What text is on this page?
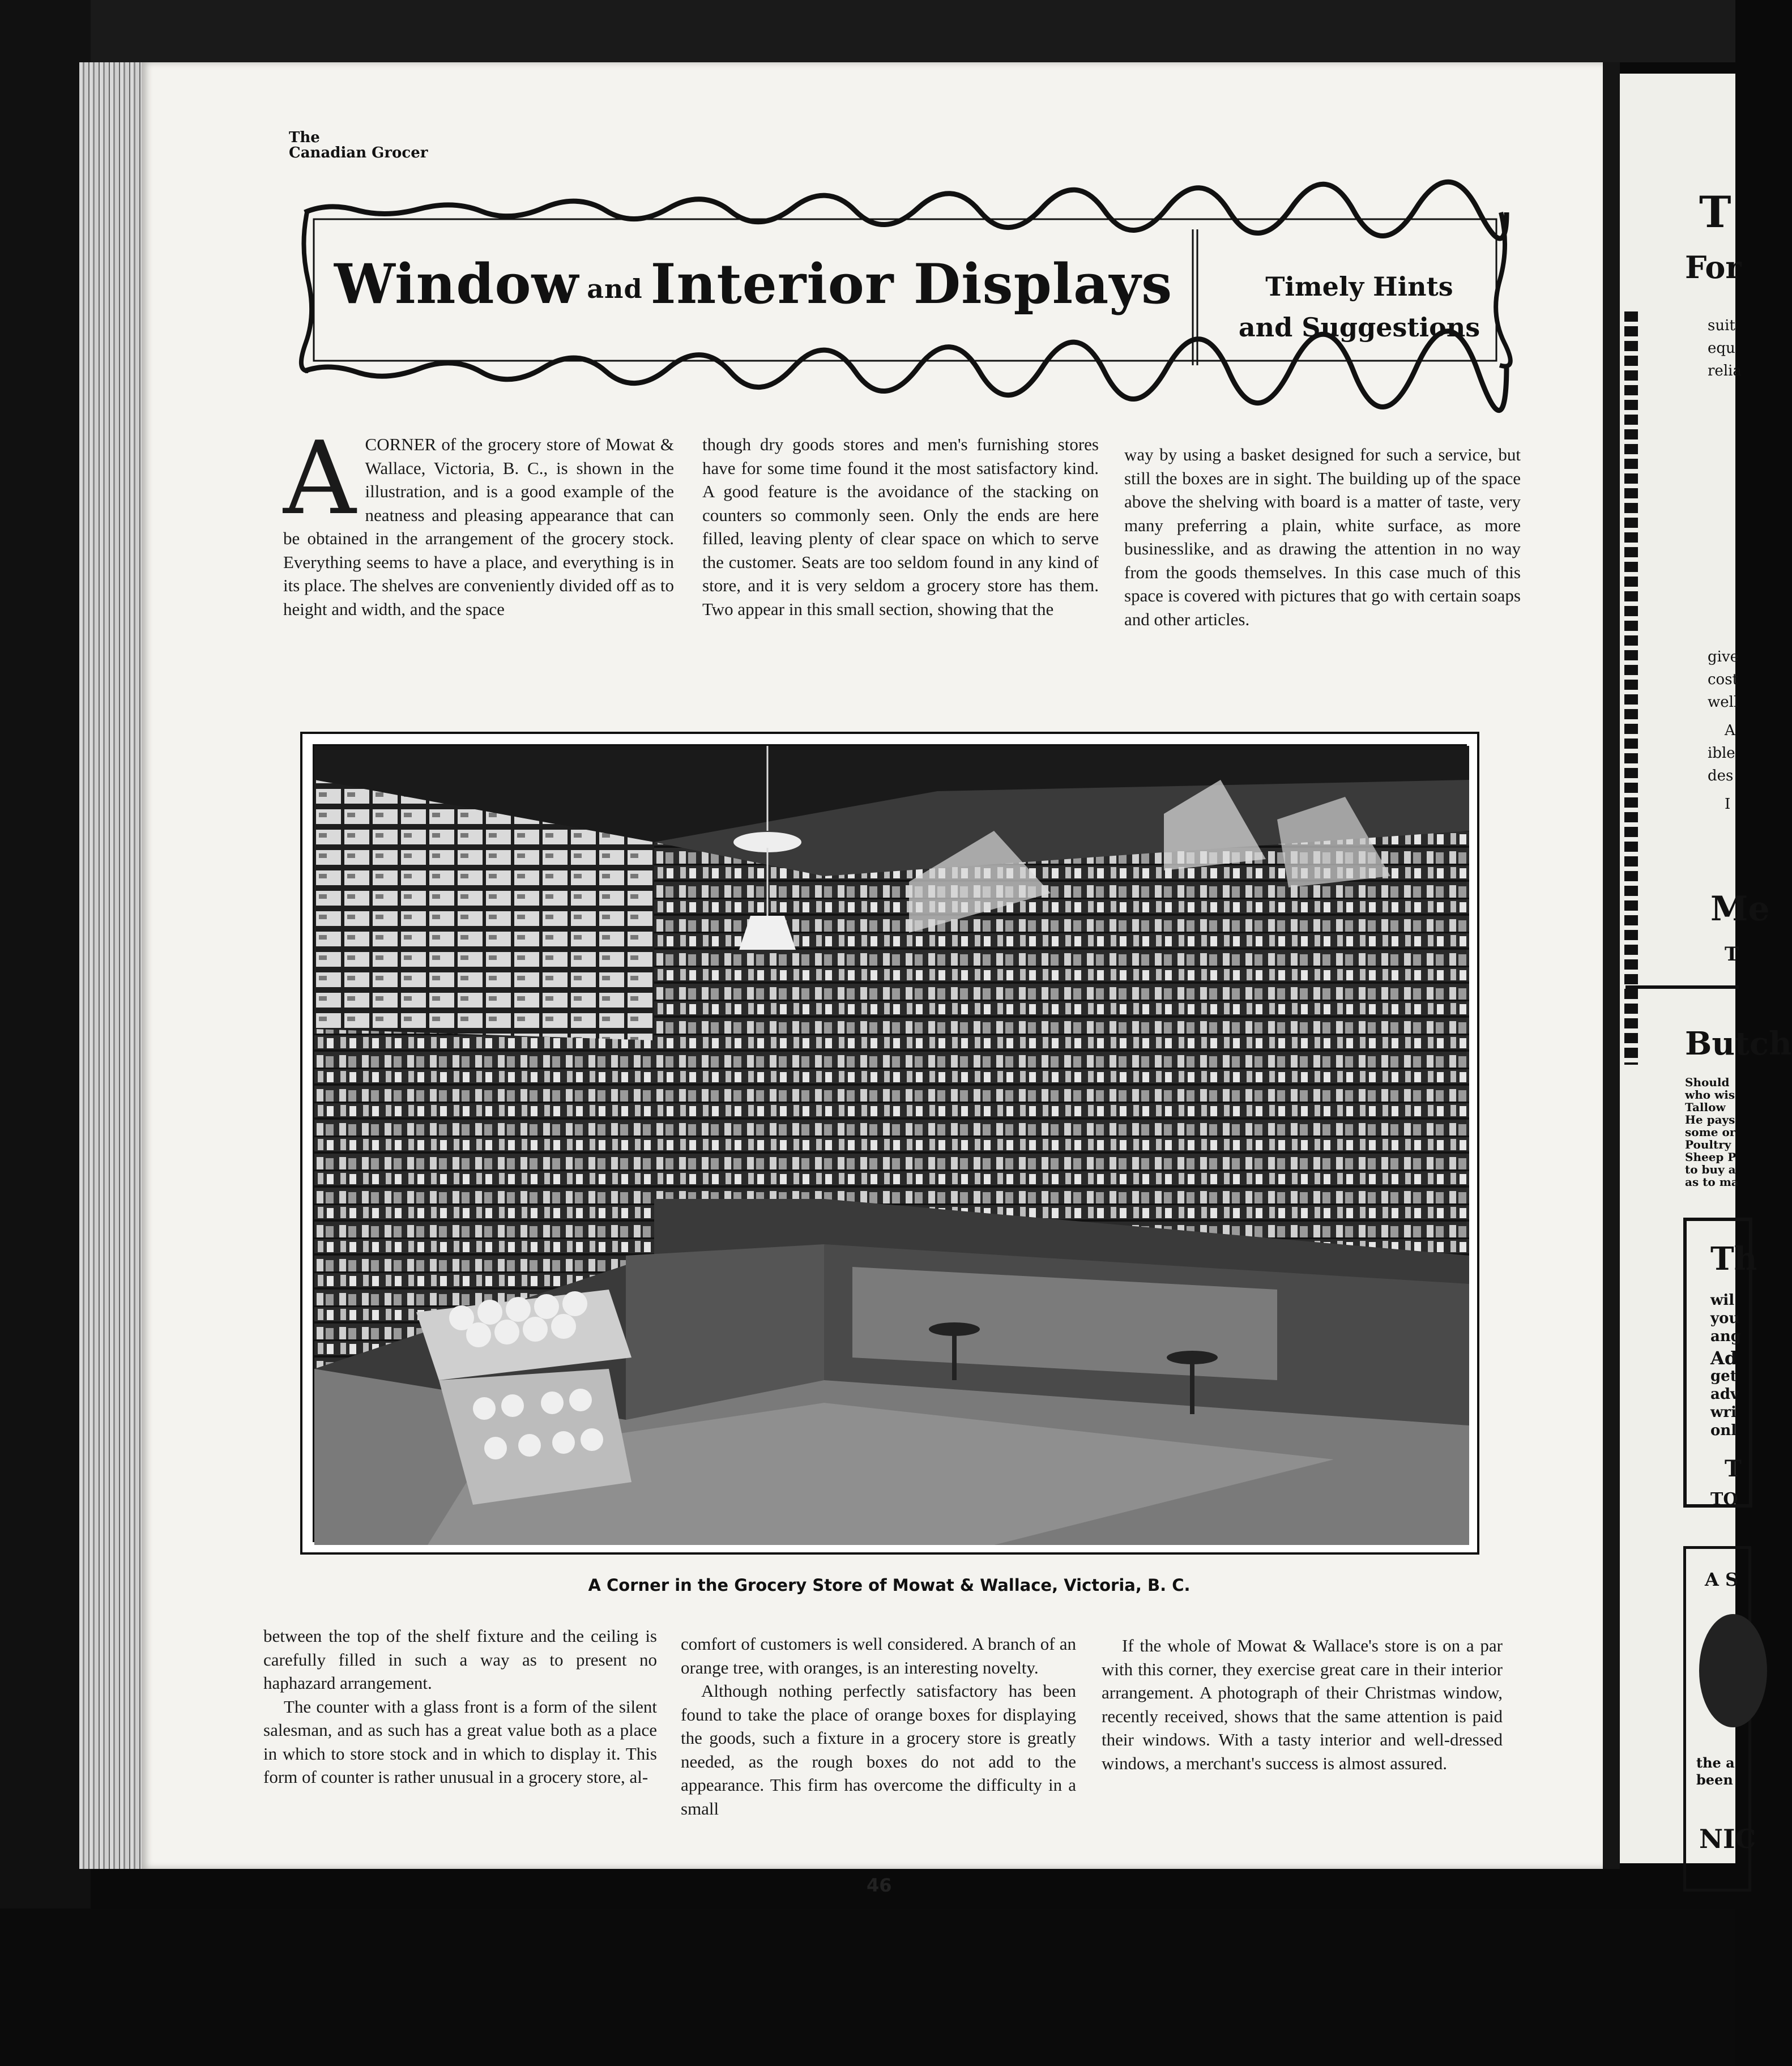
The
Canadian Grocer
Window and Interior Displays	Timely Hints
and Suggestions
A CORNER of the grocery store of Mowat & Wallace, Victoria, B. C., is shown in the illustration, and is a good example of the neatness and pleasing appearance that can be obtained in the arrangement of the grocery stock. Everything seems to have a place, and everything is in its place. The shelves are conveniently divided off as to height and width, and the space

though dry goods stores and men's furnishing stores have for some time found it the most satisfactory kind. A good feature is the avoidance of the stacking on counters so commonly seen. Only the ends are here filled, leaving plenty of clear space on which to serve the customer. Seats are too seldom found in any kind of store, and it is very seldom a grocery store has them. Two appear in this small section, showing that the

way by using a basket designed for such a service, but still the boxes are in sight. The building up of the space above the shelving with board is a matter of taste, very many preferring a plain, white surface, as more businesslike, and as drawing the attention in no way from the goods themselves. In this case much of this space is covered with pictures that go with certain soaps and other articles.

A Corner in the Grocery Store of Mowat & Wallace, Victoria, B. C.

between the top of the shelf fixture and the ceiling is carefully filled in such a way as to present no haphazard arrangement.

The counter with a glass front is a form of the silent salesman, and as such has a great value both as a place in which to store stock and in which to display it. This form of counter is rather unusual in a grocery store, al-

comfort of customers is well considered. A branch of an orange tree, with oranges, is an interesting novelty.

Although nothing perfectly satisfactory has been found to take the place of orange boxes for displaying the goods, such a fixture in a grocery store is greatly needed, as the rough boxes do not add to the appearance. This firm has overcome the difficulty in a small

If the whole of Mowat & Wallace's store is on a par with this corner, they exercise great care in their interior arrangement. A photograph of their Christmas window, recently received, shows that the same attention is paid their windows. With a tasty interior and well-dressed windows, a merchant's success is almost assured.

46
T
For
suit
equ
relia
give
cost
well
A
ible
des
I
Me
T
Butch
Should
who wis
Tallow
He pays
some or
Poultry
Sheep P
to buy a
as to ma
Th
wil
you
ang
Ad
get
adv
wri
onl
T
TO
A S
the a
been
NIC
